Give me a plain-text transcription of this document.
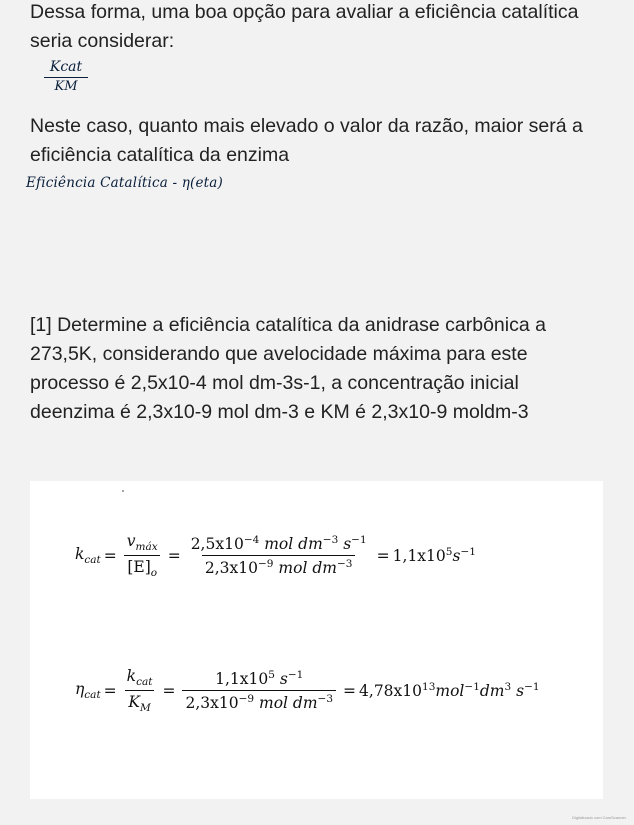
Dessa forma, uma boa opção para avaliar a eficiência catalítica seria considerar:

Kcat
KM

Neste caso, quanto mais elevado o valor da razão, maior será a eficiência catalítica da enzima

Eficiência Catalítica - η(eta)

[1] Determine a eficiência catalítica da anidrase carbônica a 273,5K, considerando que avelocidade máxima para este processo é 2,5x10-4 mol dm-3s-1, a concentração inicial deenzima é 2,3x10-9 mol dm-3 e KM é 2,3x10-9 moldm-3

$k_{cat} = \frac{v_{máx}}{[E]_o} = \frac{2,5x10^{-4} mol dm^{-3} s^{-1}}{2,3x10^{-9} mol dm^{-3}} = 1,1x10^5s^{-1}$
$\eta_{cat} = \frac{k_{cat}}{K_M} = \frac{1,1x10^5 s^{-1}}{2,3x10^{-9} mol dm^{-3}} = 4,78x10^{13}mol^{-1}dm^3$ $s^{-1}$
Digitalizado com CamScanner
